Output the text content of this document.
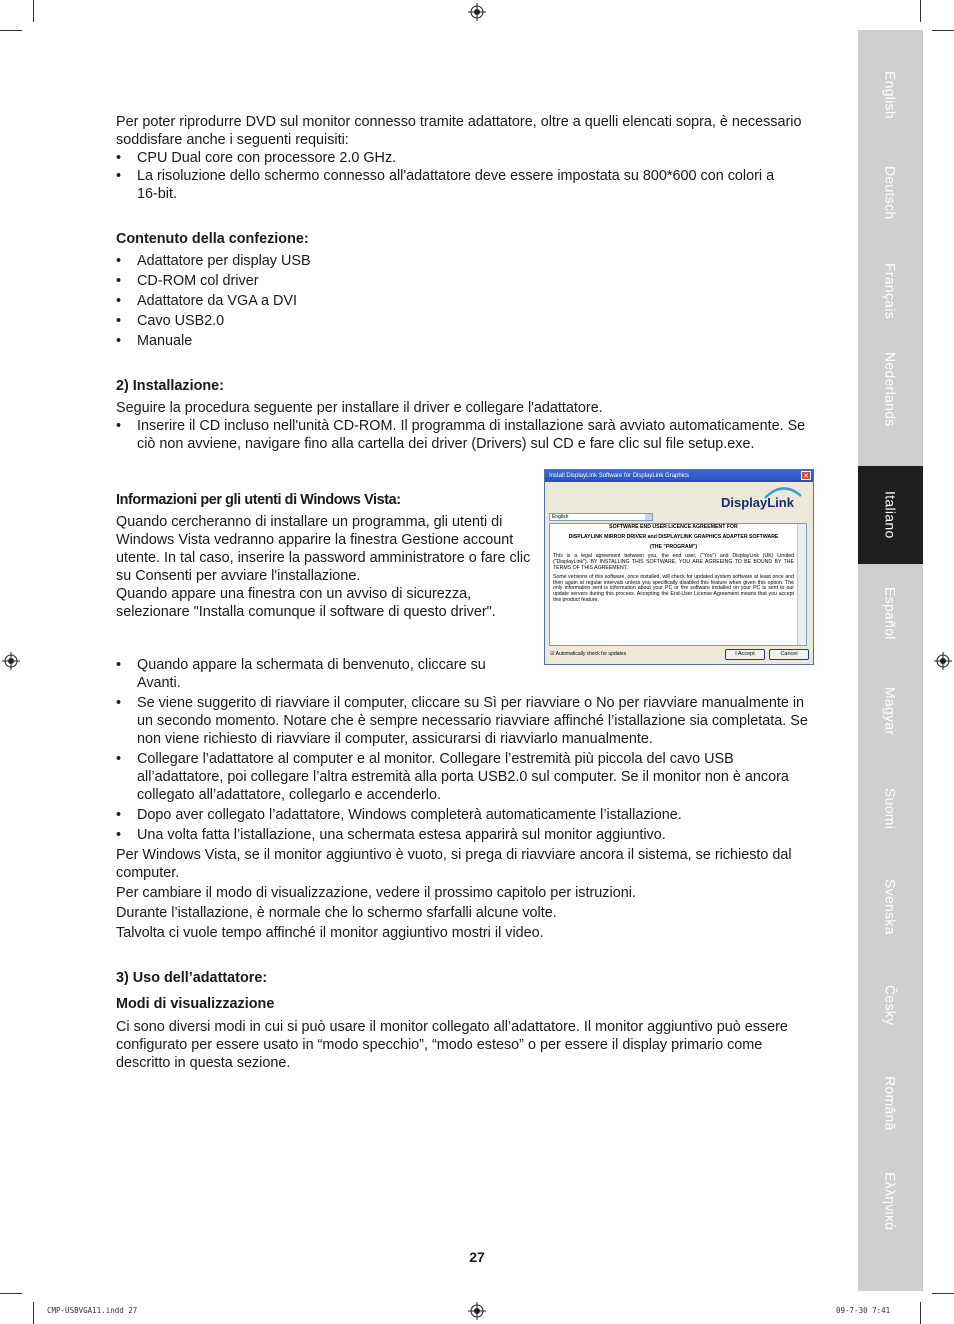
English
Deutsch
Français
Nederlands
Italiano
Español
Magyar
Suomi
Svenska
Česky
Română
Ελληνικά

Per poter riprodurre DVD sul monitor connesso tramite adattatore, oltre a quelli elencati sopra, è necessario soddisfare anche i seguenti requisiti:

• CPU Dual core con processore 2.0 GHz.
• La risoluzione dello schermo connesso all'adattatore deve essere impostata su 800*600 con colori a 16-bit.

Contenuto della confezione:

• Adattatore per display USB
• CD-ROM col driver
• Adattatore da VGA a DVI
• Cavo USB2.0
• Manuale

2) Installazione:

Seguire la procedura seguente per installare il driver e collegare l'adattatore.

• Inserire il CD incluso nell'unità CD-ROM. Il programma di installazione sarà avviato automaticamente. Se ciò non avviene, navigare fino alla cartella dei driver (Drivers) sul CD e fare clic sul file setup.exe.

Informazioni per gli utenti di Windows Vista:

Quando cercheranno di installare un programma, gli utenti di Windows Vista vedranno apparire la finestra Gestione account utente. In tal caso, inserire la password amministratore o fare clic su Consenti per avviare l'installazione.

Quando appare una finestra con un avviso di sicurezza, selezionare "Installa comunque il software di questo driver".

• Quando appare la schermata di benvenuto, cliccare su Avanti.
• Se viene suggerito di riavviare il computer, cliccare su Sì per riavviare o No per riavviare manualmente in un secondo momento. Notare che è sempre necessario riavviare affinché l’istallazione sia completata. Se non viene richiesto di riavviare il computer, assicurarsi di riavviarlo manualmente.
• Collegare l’adattatore al computer e al monitor. Collegare l’estremità più piccola del cavo USB all’adattatore, poi collegare l’altra estremità alla porta USB2.0 sul computer. Se il monitor non è ancora collegato all’adattatore, collegarlo e accenderlo.
• Dopo aver collegato l’adattatore, Windows completerà automaticamente l’istallazione.
• Una volta fatta l’istallazione, una schermata estesa apparirà sul monitor aggiuntivo.

Per Windows Vista, se il monitor aggiuntivo è vuoto, si prega di riavviare ancora il sistema, se richiesto dal computer.

Per cambiare il modo di visualizzazione, vedere il prossimo capitolo per istruzioni.

Durante l’istallazione, è normale che lo schermo sfarfalli alcune volte.

Talvolta ci vuole tempo affinché il monitor aggiuntivo mostri il video.

3) Uso dell’adattatore:

Modi di visualizzazione

Ci sono diversi modi in cui si può usare il monitor collegato all’adattatore. Il monitor aggiuntivo può essere configurato per essere usato in “modo specchio”, “modo esteso” o per essere il display primario come descritto in questa sezione.

Install DisplayLink Software for DisplayLink Graphics	✕
DisplayLink
English
SOFTWARE END USER LICENCE AGREEMENT FOR
DISPLAYLINK MIRROR DRIVER and DISPLAYLINK GRAPHICS ADAPTER SOFTWARE
(THE "PROGRAM")

This is a legal agreement between you, the end user, ("You") and DisplayLink (UK) Limited ("DisplayLink"). BY INSTALLING THIS SOFTWARE, YOU ARE AGREEING TO BE BOUND BY THE TERMS OF THIS AGREEMENT.

Some versions of this software, once installed, will check for updated system software at least once and then again at regular intervals unless you specifically disabled this feature when given this option. The only information sent is information about your PC or the software installed on your PC is sent to our update servers during this process. Accepting the End-User License Agreement means that you accept this product feature.

☑ Automatically check for updates	I Accept	Cancel
27
CMP-USBVGA11.indd 27	09-7-30 7:41
